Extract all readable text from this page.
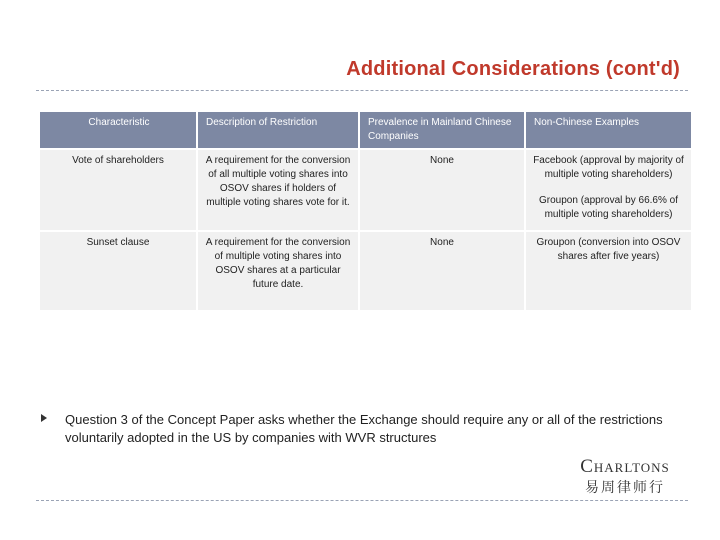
Additional Considerations (cont'd)
Characteristic	Description of Restriction	Prevalence in Mainland Chinese Companies	Non-Chinese Examples
Vote of shareholders	A requirement for the conversion of all multiple voting shares into OSOV shares if holders of multiple voting shares vote for it.	None	Facebook (approval by majority of multiple voting shareholders)
Groupon (approval by 66.6% of multiple voting shareholders)

Sunset clause	A requirement for the conversion of multiple voting shares into OSOV shares at a particular future date.	None	Groupon (conversion into OSOV shares after five years)
Question 3 of the Concept Paper asks whether the Exchange should require any or all of the restrictions voluntarily adopted in the US by companies with WVR structures
Charltons
易周律师行
